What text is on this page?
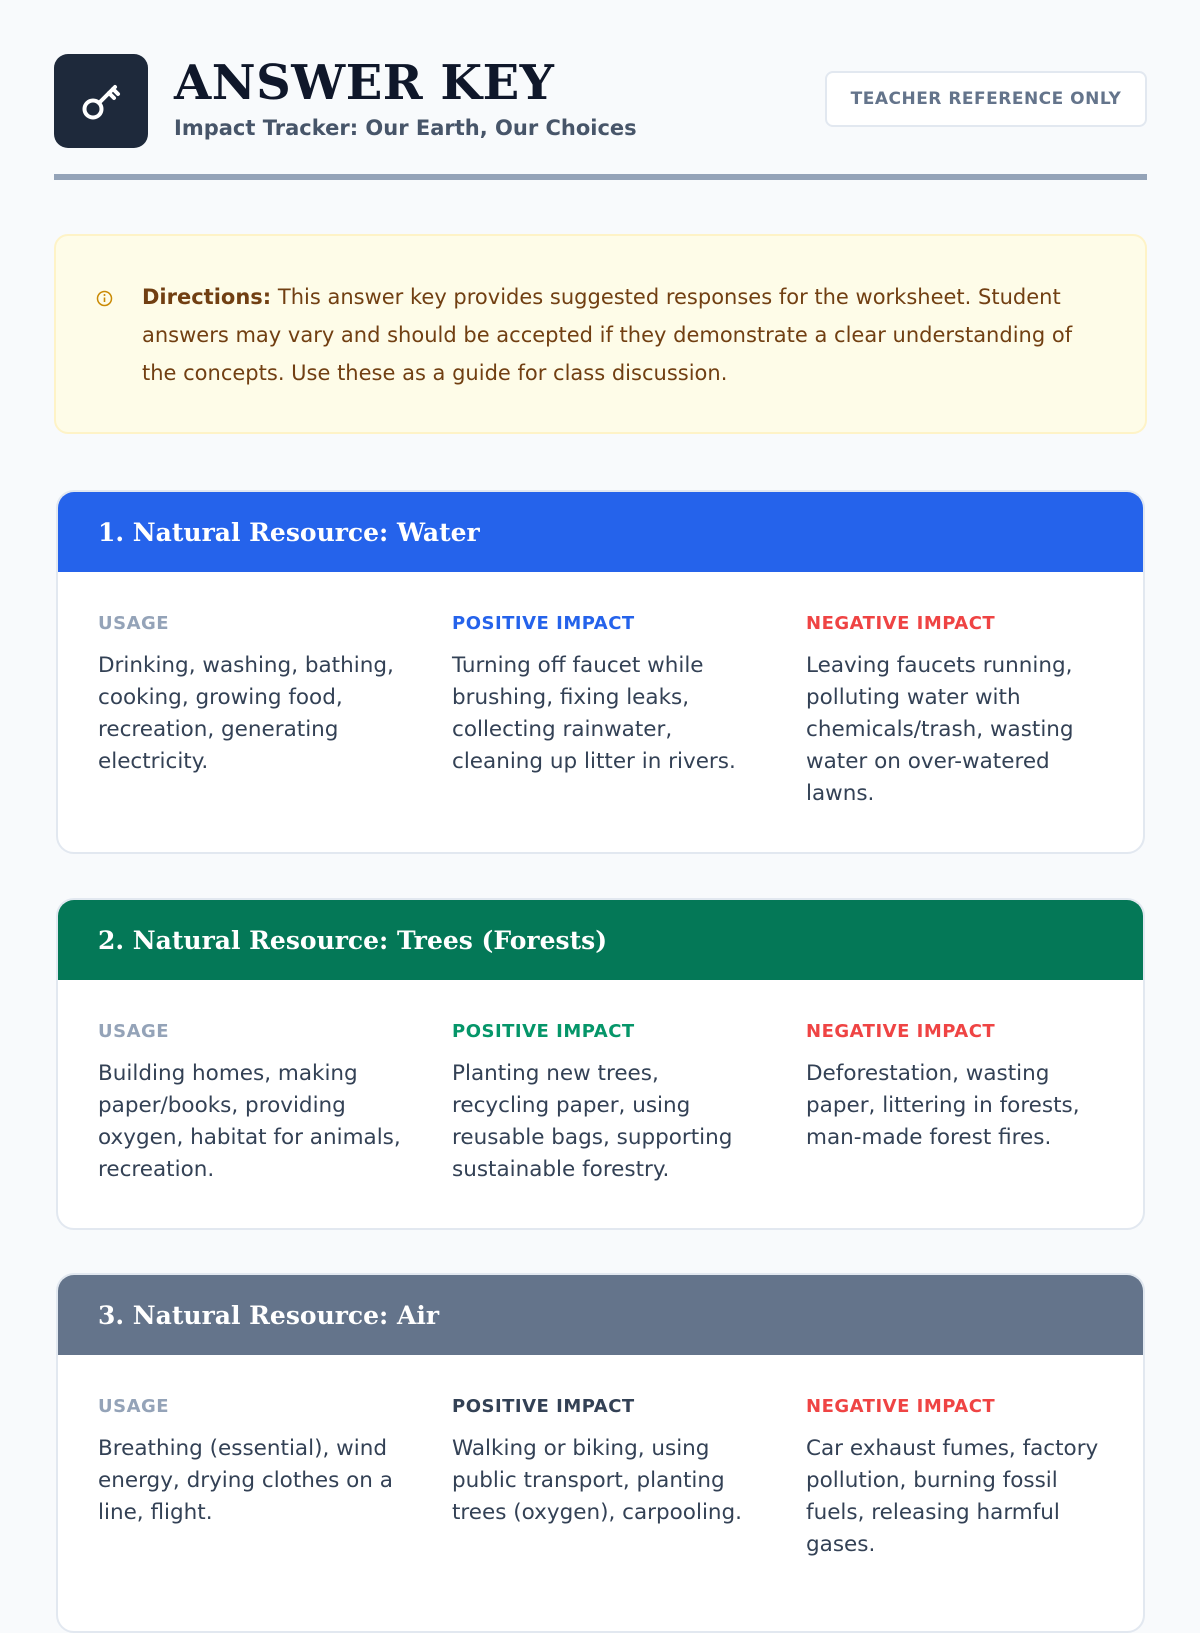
ANSWER KEY
Impact Tracker: Our Earth, Our Choices
TEACHER REFERENCE ONLY
Directions: This answer key provides suggested responses for the worksheet. Student answers may vary and should be accepted if they demonstrate a clear understanding of the concepts. Use these as a guide for class discussion.
1. Natural Resource: Water
USAGE
Drinking, washing, bathing, cooking, growing food, recreation, generating electricity.
POSITIVE IMPACT
Turning off faucet while brushing, fixing leaks, collecting rainwater, cleaning up litter in rivers.
NEGATIVE IMPACT
Leaving faucets running, polluting water with chemicals/trash, wasting water on over-watered lawns.
2. Natural Resource: Trees (Forests)
USAGE
Building homes, making paper/books, providing oxygen, habitat for animals, recreation.
POSITIVE IMPACT
Planting new trees, recycling paper, using reusable bags, supporting sustainable forestry.
NEGATIVE IMPACT
Deforestation, wasting paper, littering in forests, man-made forest fires.
3. Natural Resource: Air
USAGE
Breathing (essential), wind energy, drying clothes on a line, flight.
POSITIVE IMPACT
Walking or biking, using public transport, planting trees (oxygen), carpooling.
NEGATIVE IMPACT
Car exhaust fumes, factory pollution, burning fossil fuels, releasing harmful gases.
